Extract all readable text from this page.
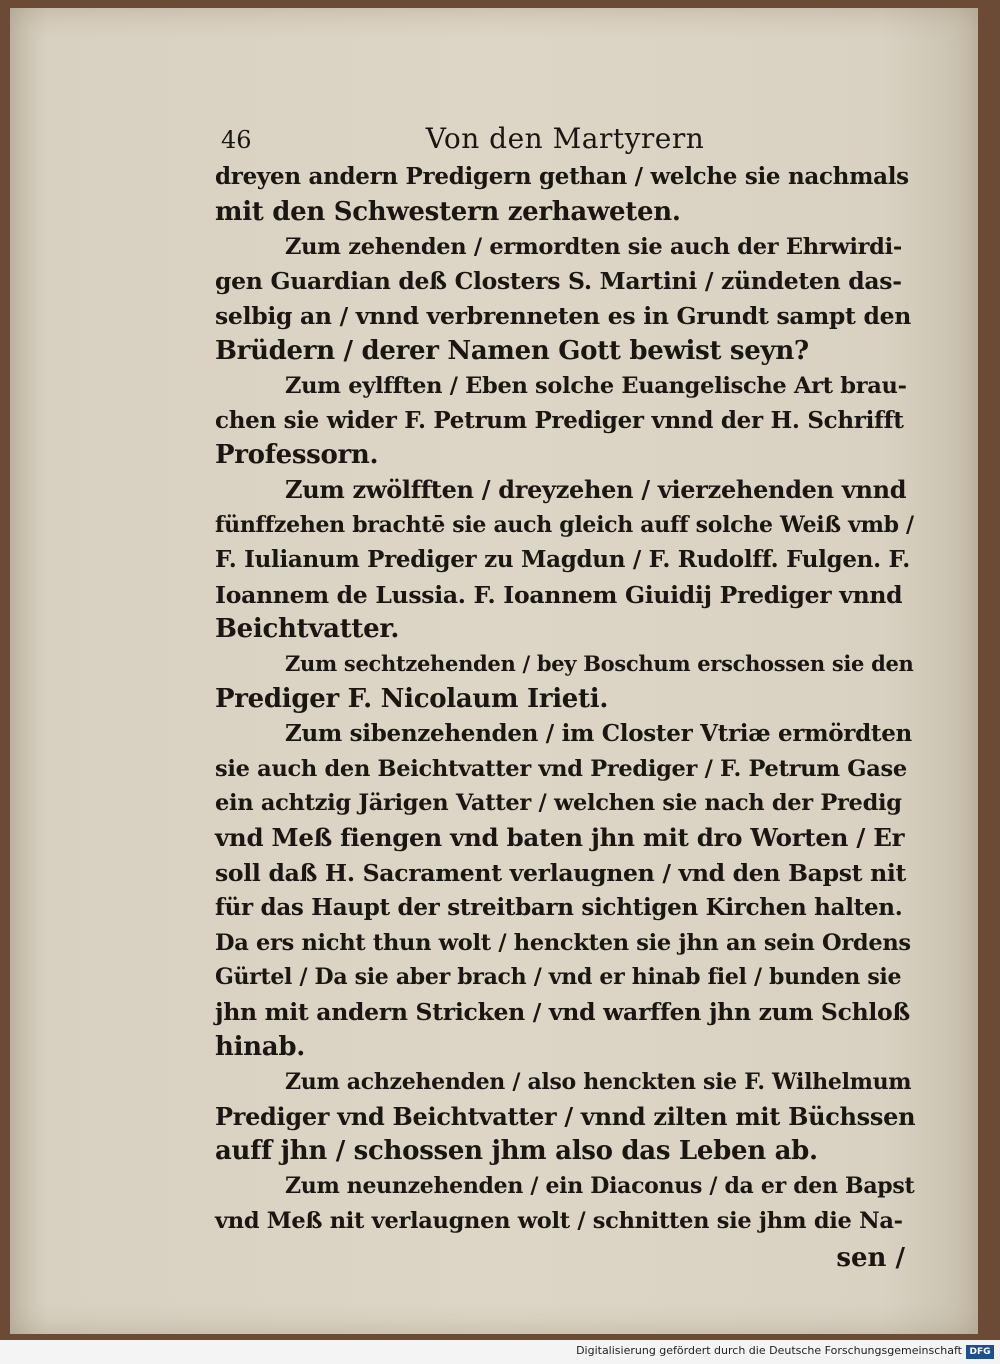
46	Von den Martyrern
dreyen andern Predigern gethan / welche sie nachmals
mit den Schwestern zerhaweten.
Zum zehenden / ermordten sie auch der Ehrwirdi-
gen Guardian deß Closters S. Martini / zündeten das-
selbig an / vnnd verbrenneten es in Grundt sampt den
Brüdern / derer Namen Gott bewist seyn?
Zum eylfften / Eben solche Euangelische Art brau-
chen sie wider F. Petrum Prediger vnnd der H. Schrifft
Professorn.
Zum zwölfften / dreyzehen / vierzehenden vnnd
fünffzehen brachtē sie auch gleich auff solche Weiß vmb /
F. Iulianum Prediger zu Magdun / F. Rudolff. Fulgen. F.
Ioannem de Lussia. F. Ioannem Giuidij Prediger vnnd
Beichtvatter.
Zum sechtzehenden / bey Boschum erschossen sie den
Prediger F. Nicolaum Irieti.
Zum sibenzehenden / im Closter Vtriæ ermördten
sie auch den Beichtvatter vnd Prediger / F. Petrum Gase
ein achtzig Järigen Vatter / welchen sie nach der Predig
vnd Meß fiengen vnd baten jhn mit dro Worten / Er
soll daß H. Sacrament verlaugnen / vnd den Bapst nit
für das Haupt der streitbarn sichtigen Kirchen halten.
Da ers nicht thun wolt / henckten sie jhn an sein Ordens
Gürtel / Da sie aber brach / vnd er hinab fiel / bunden sie
jhn mit andern Stricken / vnd warffen jhn zum Schloß
hinab.
Zum achzehenden / also henckten sie F. Wilhelmum
Prediger vnd Beichtvatter / vnnd zilten mit Büchssen
auff jhn / schossen jhm also das Leben ab.
Zum neunzehenden / ein Diaconus / da er den Bapst
vnd Meß nit verlaugnen wolt / schnitten sie jhm die Na-
sen /
Digitalisierung gefördert durch die Deutsche Forschungsgemeinschaft DFG
